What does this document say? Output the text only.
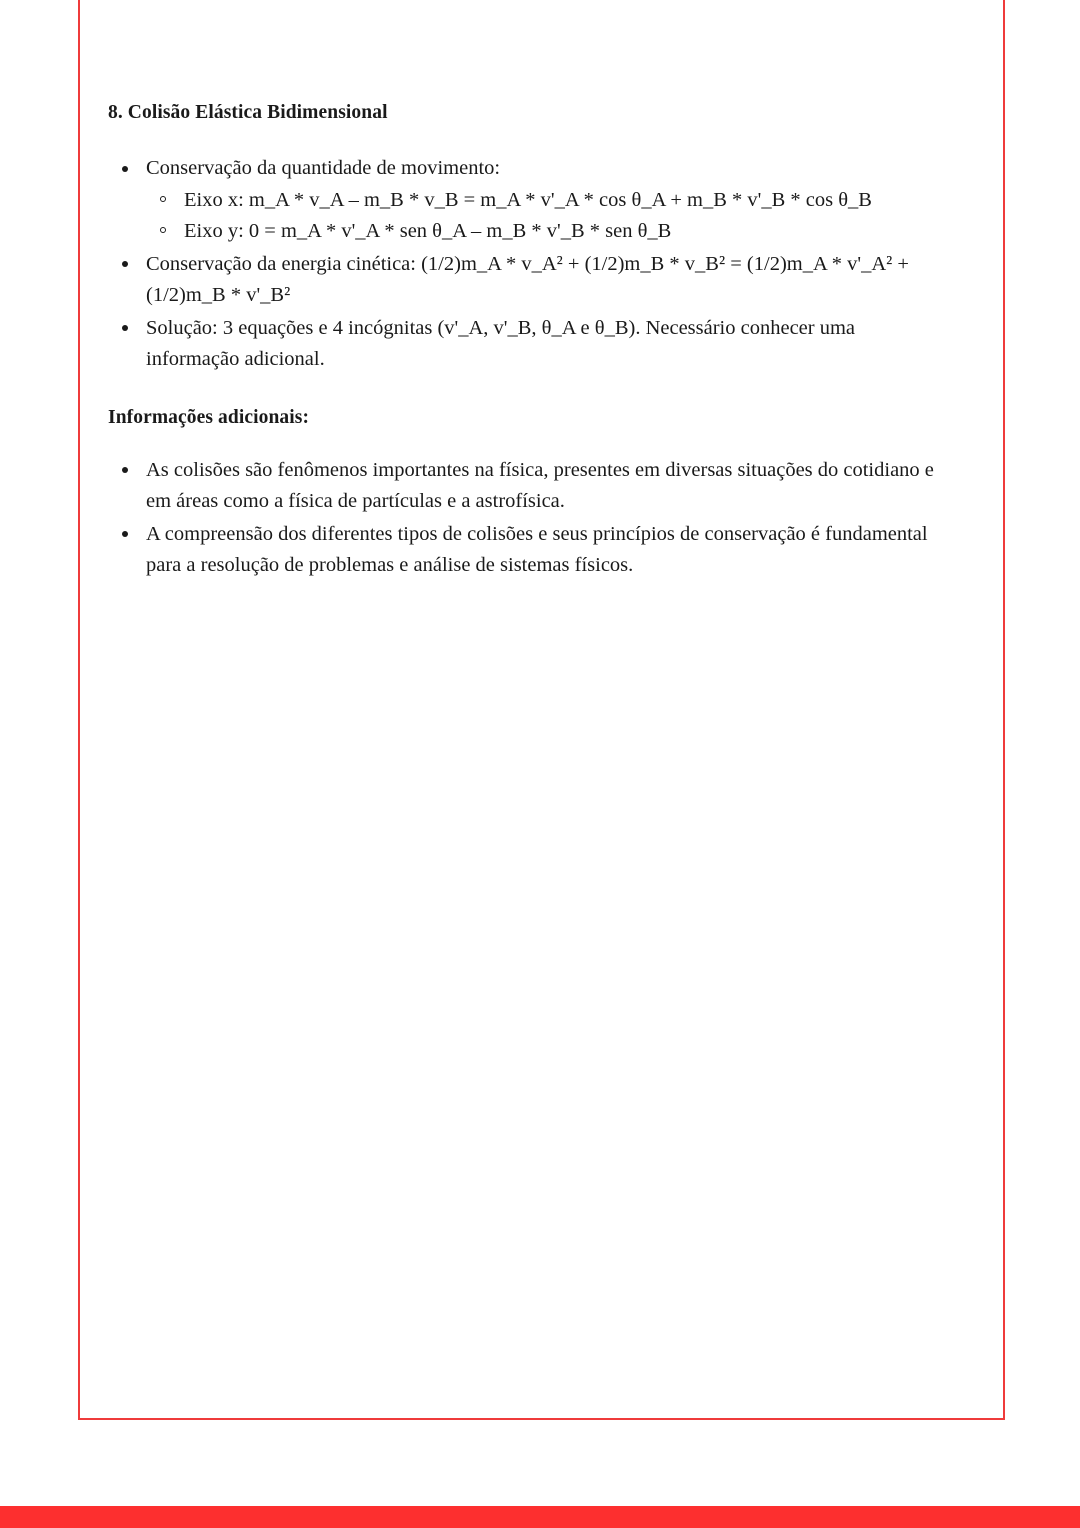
8. Colisão Elástica Bidimensional
Conservação da quantidade de movimento:
Eixo x: m_A * v_A – m_B * v_B = m_A * v'_A * cos θ_A + m_B * v'_B * cos θ_B
Eixo y: 0 = m_A * v'_A * sen θ_A – m_B * v'_B * sen θ_B
Conservação da energia cinética: (1/2)m_A * v_A² + (1/2)m_B * v_B² = (1/2)m_A * v'_A² + (1/2)m_B * v'_B²
Solução: 3 equações e 4 incógnitas (v'_A, v'_B, θ_A e θ_B). Necessário conhecer uma informação adicional.
Informações adicionais:
As colisões são fenômenos importantes na física, presentes em diversas situações do cotidiano e em áreas como a física de partículas e a astrofísica.
A compreensão dos diferentes tipos de colisões e seus princípios de conservação é fundamental para a resolução de problemas e análise de sistemas físicos.
